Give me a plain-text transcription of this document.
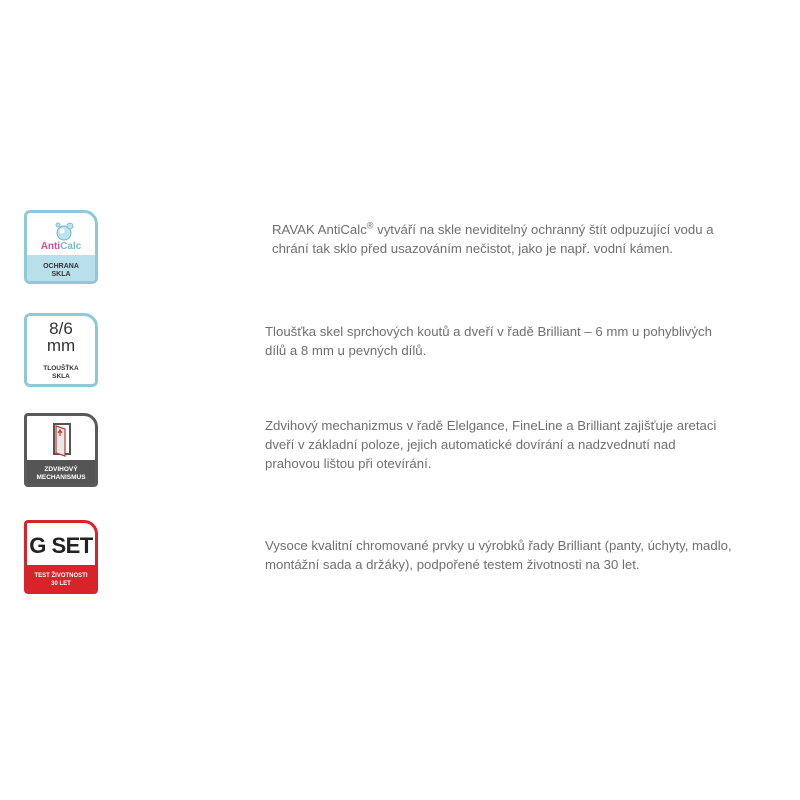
AntiCalc
OCHRANA
SKLA

RAVAK AntiCalc® vytváří na skle neviditelný ochranný štít odpuzující vodu a
chrání tak sklo před usazováním nečistot, jako je např. vodní kámen.

8/6
mm
TLOUŠŤKA
SKLA

Tloušťka skel sprchových koutů a dveří v řadě Brilliant – 6 mm u pohyblivých
dílů a 8 mm u pevných dílů.

ZDVIHOVÝ
MECHANISMUS

Zdvihový mechanizmus v řadě Elelgance, FineLine a Brilliant zajišťuje aretaci
dveří v základní poloze, jejich automatické dovírání a nadzvednutí nad
prahovou lištou při otevírání.

G SET
TEST ŽIVOTNOSTI
30 LET

Vysoce kvalitní chromované prvky u výrobků řady Brilliant (panty, úchyty, madlo,
montážní sada a držáky), podpořené testem životnosti na 30 let.
